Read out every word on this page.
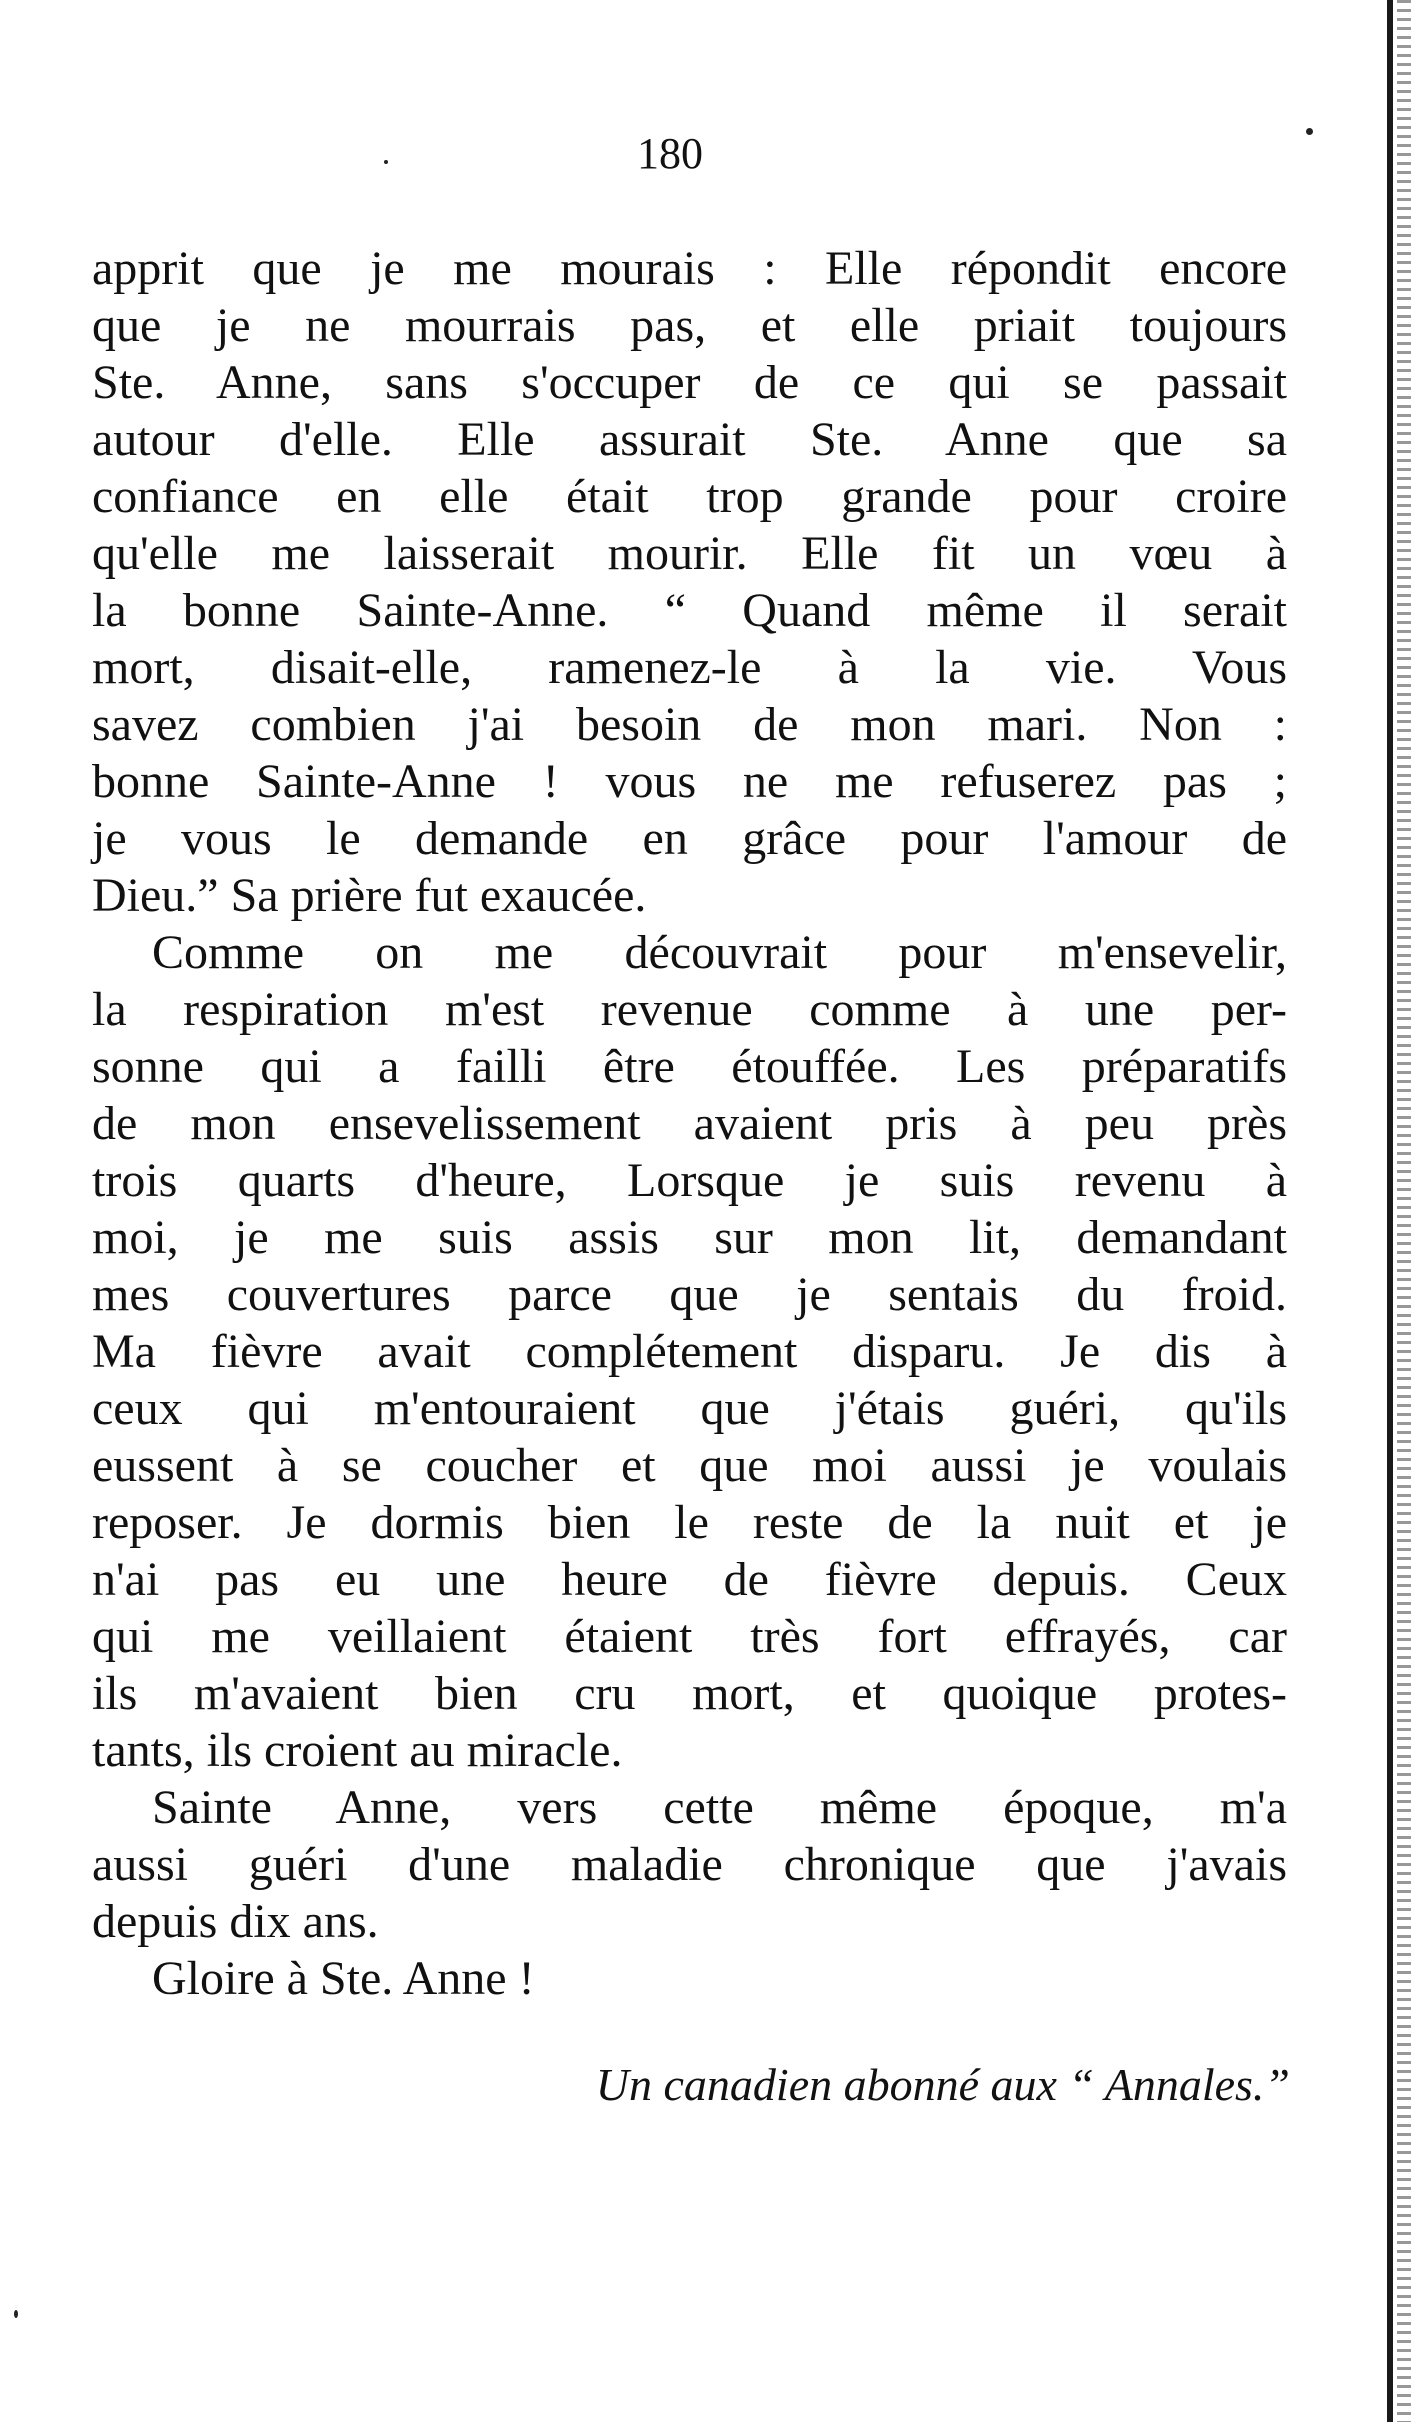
180
apprit que je me mourais : Elle répondit encore
que je ne mourrais pas, et elle priait toujours
Ste. Anne, sans s'occuper de ce qui se passait
autour d'elle. Elle assurait Ste. Anne que sa
confiance en elle était trop grande pour croire
qu'elle me laisserait mourir. Elle fit un vœu à
la bonne Sainte-Anne. “ Quand même il serait
mort, disait-elle, ramenez-le à la vie. Vous
savez combien j'ai besoin de mon mari. Non :
bonne Sainte-Anne ! vous ne me refuserez pas ;
je vous le demande en grâce pour l'amour de
Dieu.” Sa prière fut exaucée.
Comme on me découvrait pour m'ensevelir,
la respiration m'est revenue comme à une per-
sonne qui a failli être étouffée. Les préparatifs
de mon ensevelissement avaient pris à peu près
trois quarts d'heure, Lorsque je suis revenu à
moi, je me suis assis sur mon lit, demandant
mes couvertures parce que je sentais du froid.
Ma fièvre avait complétement disparu. Je dis à
ceux qui m'entouraient que j'étais guéri, qu'ils
eussent à se coucher et que moi aussi je voulais
reposer. Je dormis bien le reste de la nuit et je
n'ai pas eu une heure de fièvre depuis. Ceux
qui me veillaient étaient très fort effrayés, car
ils m'avaient bien cru mort, et quoique protes-
tants, ils croient au miracle.
Sainte Anne, vers cette même époque, m'a
aussi guéri d'une maladie chronique que j'avais
depuis dix ans.
Gloire à Ste. Anne !
Un canadien abonné aux “ Annales.”
